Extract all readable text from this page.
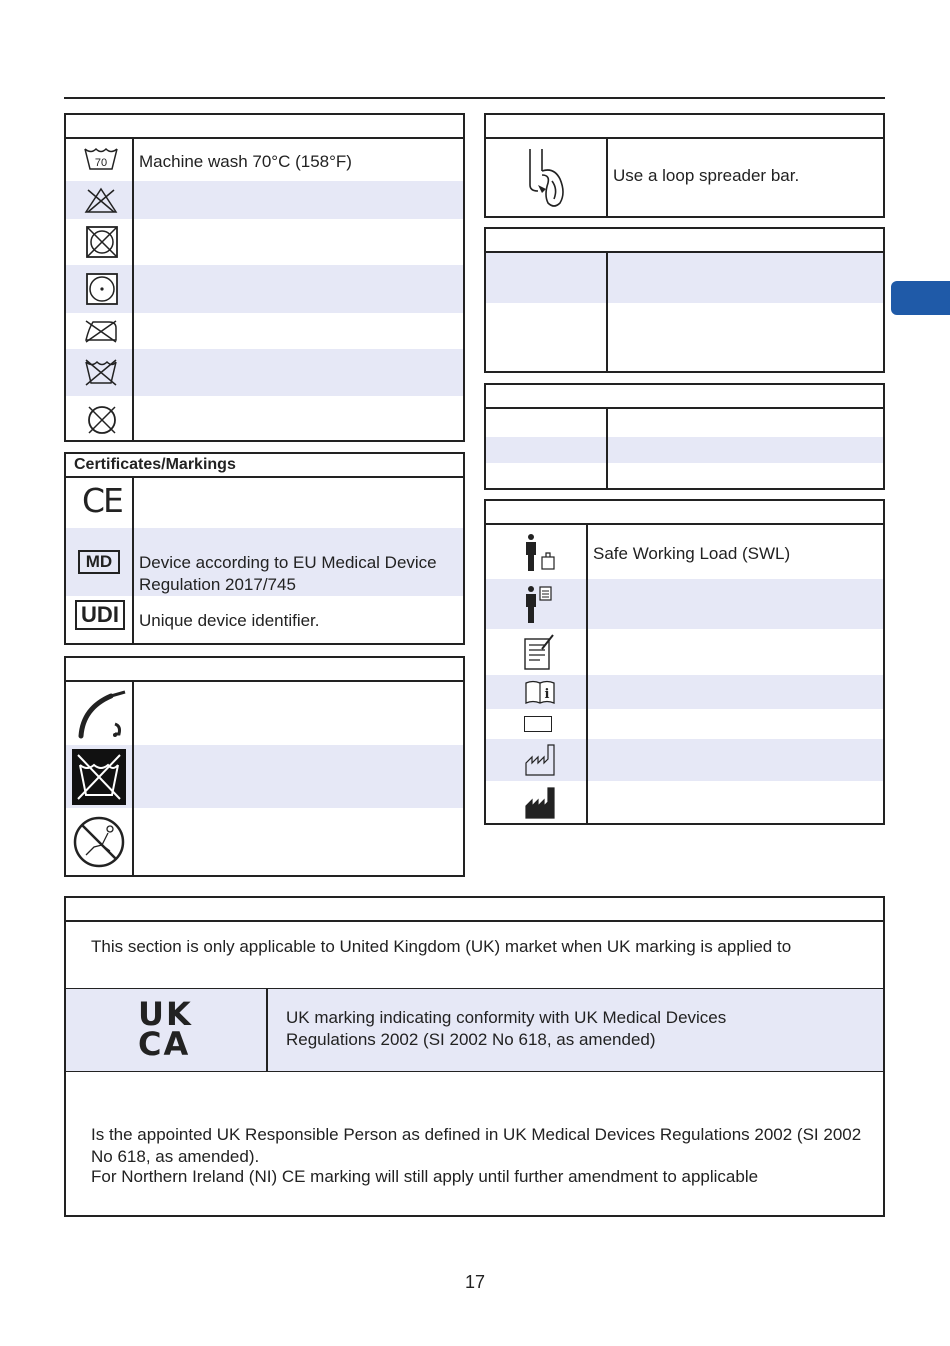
70 Machine wash 70°C (158°F)
Certificates/Markings
CE
MD	Device according to EU Medical Device Regulation 2017/745
UDI	Unique device identifier.
Use a loop spreader bar.
Safe Working Load (SWL)
i
This section is only applicable to United Kingdom (UK) market when UK marking is applied to
UK
CA
UK marking indicating conformity with UK Medical Devices Regulations 2002 (SI 2002 No 618, as amended)
Is the appointed UK Responsible Person as defined in UK Medical Devices Regulations 2002 (SI 2002 No 618, as amended).
For Northern Ireland (NI) CE marking will still apply until further amendment to applicable
17
